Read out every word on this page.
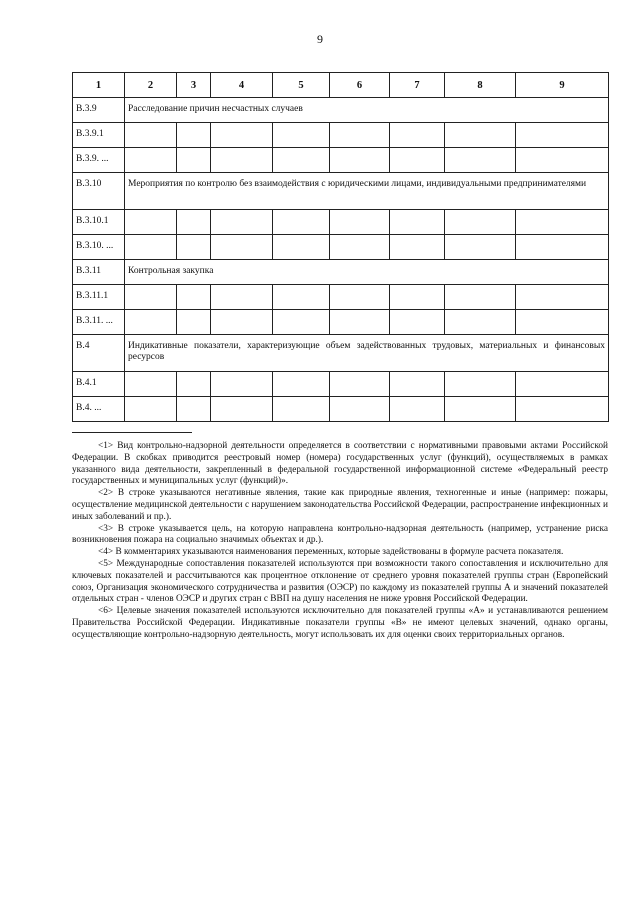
9
1	2	3	4	5	6	7	8	9

B.3.9	Расследование причин несчастных случаев							

B.3.9.1								

B.3.9. ...								

B.3.10	Мероприятия по контролю без взаимодействия с юридическими лицами, индивидуальными предпринимателями							

B.3.10.1								

B.3.10. ...								

B.3.11	Контрольная закупка							

B.3.11.1								

B.3.11. ...								

B.4	Индикативные показатели, характеризующие объем задействованных трудовых, материальных и финансовых ресурсов							

B.4.1								

B.4. ...								

<1> Вид контрольно-надзорной деятельности определяется в соответствии с нормативными правовыми актами Российской Федерации. В скобках приводится реестровый номер (номера) государственных услуг (функций), осуществляемых в рамках указанного вида деятельности, закрепленный в федеральной государственной информационной системе «Федеральный реестр государственных и муниципальных услуг (функций)».

<2> В строке указываются негативные явления, такие как природные явления, техногенные и иные (например: пожары, осуществление медицинской деятельности с нарушением законодательства Российской Федерации, распространение инфекционных и иных заболеваний и пр.).

<3> В строке указывается цель, на которую направлена контрольно-надзорная деятельность (например, устранение риска возникновения пожара на социально значимых объектах и др.).

<4> В комментариях указываются наименования переменных, которые задействованы в формуле расчета показателя.

<5> Международные сопоставления показателей используются при возможности такого сопоставления и исключительно для ключевых показателей и рассчитываются как процентное отклонение от среднего уровня показателей группы стран (Европейский союз, Организация экономического сотрудничества и развития (ОЭСР) по каждому из показателей группы А и значений показателей отдельных стран - членов ОЭСР и других стран с ВВП на душу населения не ниже уровня Российской Федерации.

<6> Целевые значения показателей используются исключительно для показателей группы «А» и устанавливаются решением Правительства Российской Федерации. Индикативные показатели группы «В» не имеют целевых значений, однако органы, осуществляющие контрольно-надзорную деятельность, могут использовать их для оценки своих территориальных органов.
